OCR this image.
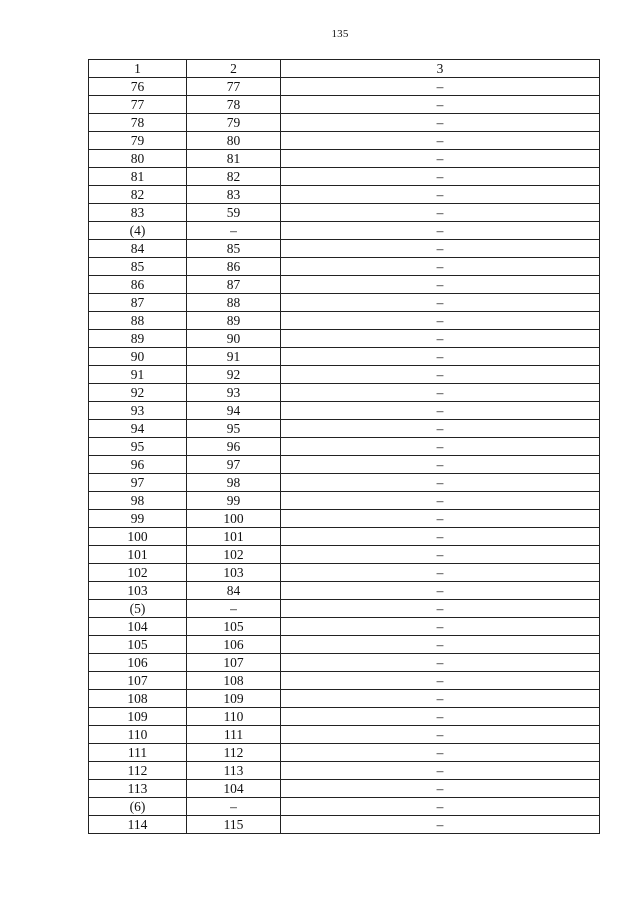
135
1	2	3
76	77	–
77	78	–
78	79	–
79	80	–
80	81	–
81	82	–
82	83	–
83	59	–
(4)	–	–
84	85	–
85	86	–
86	87	–
87	88	–
88	89	–
89	90	–
90	91	–
91	92	–
92	93	–
93	94	–
94	95	–
95	96	–
96	97	–
97	98	–
98	99	–
99	100	–
100	101	–
101	102	–
102	103	–
103	84	–
(5)	–	–
104	105	–
105	106	–
106	107	–
107	108	–
108	109	–
109	110	–
110	111	–
111	112	–
112	113	–
113	104	–
(6)	–	–
114	115	–
